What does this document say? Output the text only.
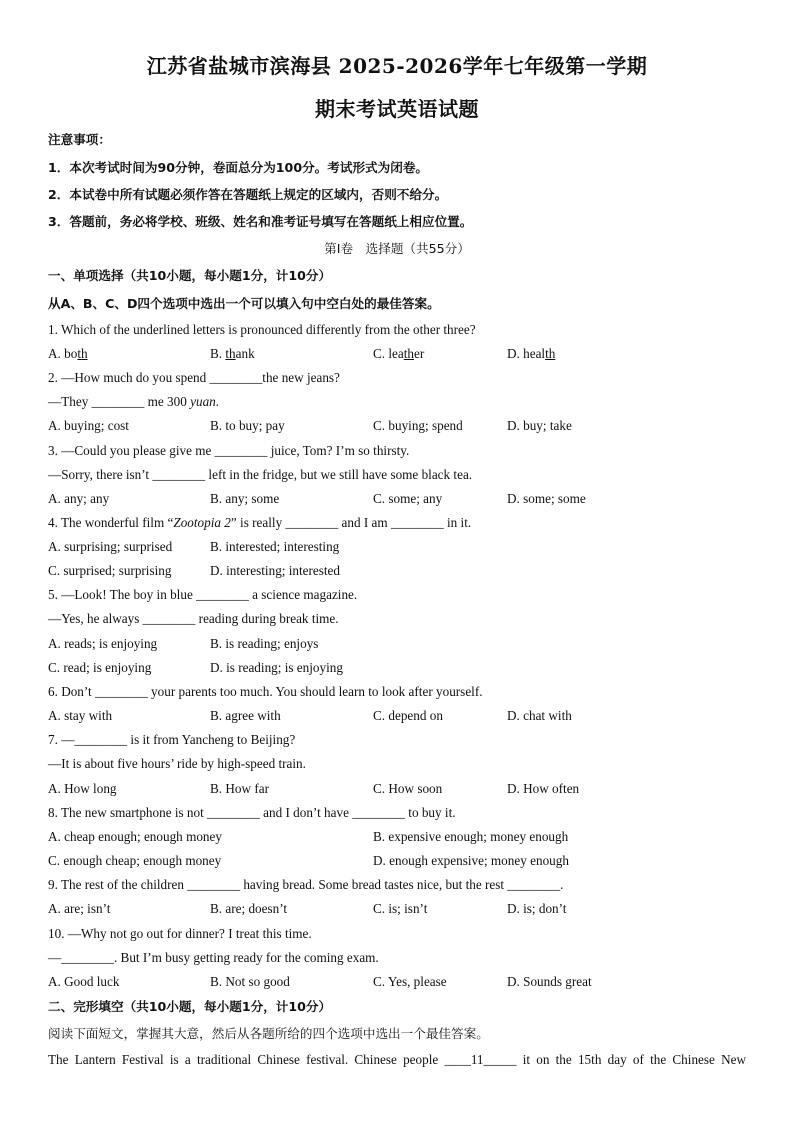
江苏省盐城市滨海县 2025-2026学年七年级第一学期
期末考试英语试题
注意事项：
1．本次考试时间为90分钟，卷面总分为100分。考试形式为闭卷。
2．本试卷中所有试题必须作答在答题纸上规定的区域内，否则不给分。
3．答题前，务必将学校、班级、姓名和准考证号填写在答题纸上相应位置。
第Ⅰ卷　选择题（共55分）
一、单项选择（共10小题，每小题1分，计10分）
从A、B、C、D四个选项中选出一个可以填入句中空白处的最佳答案。
1. Which of the underlined letters is pronounced differently from the other three?
A. both	B. thank	C. leather	D. health
2. —How much do you spend ________the new jeans?
—They ________ me 300 yuan.
A. buying; cost	B. to buy; pay	C. buying; spend	D. buy; take
3. —Could you please give me ________ juice, Tom? I’m so thirsty.
—Sorry, there isn’t ________ left in the fridge, but we still have some black tea.
A. any; any	B. any; some	C. some; any	D. some; some
4. The wonderful film “Zootopia 2” is really ________ and I am ________ in it.
A. surprising; surprised	B. interested; interesting
C. surprised; surprising	D. interesting; interested
5. —Look! The boy in blue ________ a science magazine.
—Yes, he always ________ reading during break time.
A. reads; is enjoying	B. is reading; enjoys
C. read; is enjoying	D. is reading; is enjoying
6. Don’t ________ your parents too much. You should learn to look after yourself.
A. stay with	B. agree with	C. depend on	D. chat with
7. —________ is it from Yancheng to Beijing?
—It is about five hours’ ride by high-speed train.
A. How long	B. How far	C. How soon	D. How often
8. The new smartphone is not ________ and I don’t have ________ to buy it.
A. cheap enough; enough money	B. expensive enough; money enough
C. enough cheap; enough money	D. enough expensive; money enough
9. The rest of the children ________ having bread. Some bread tastes nice, but the rest ________.
A. are; isn’t	B. are; doesn’t	C. is; isn’t	D. is; don’t
10. —Why not go out for dinner? I treat this time.
—________. But I’m busy getting ready for the coming exam.
A. Good luck	B. Not so good	C. Yes, please	D. Sounds great
二、完形填空（共10小题，每小题1分，计10分）
阅读下面短文，掌握其大意，然后从各题所给的四个选项中选出一个最佳答案。
The Lantern Festival is a traditional Chinese festival. Chinese people ____11_____ it on the 15th day of the Chinese New
